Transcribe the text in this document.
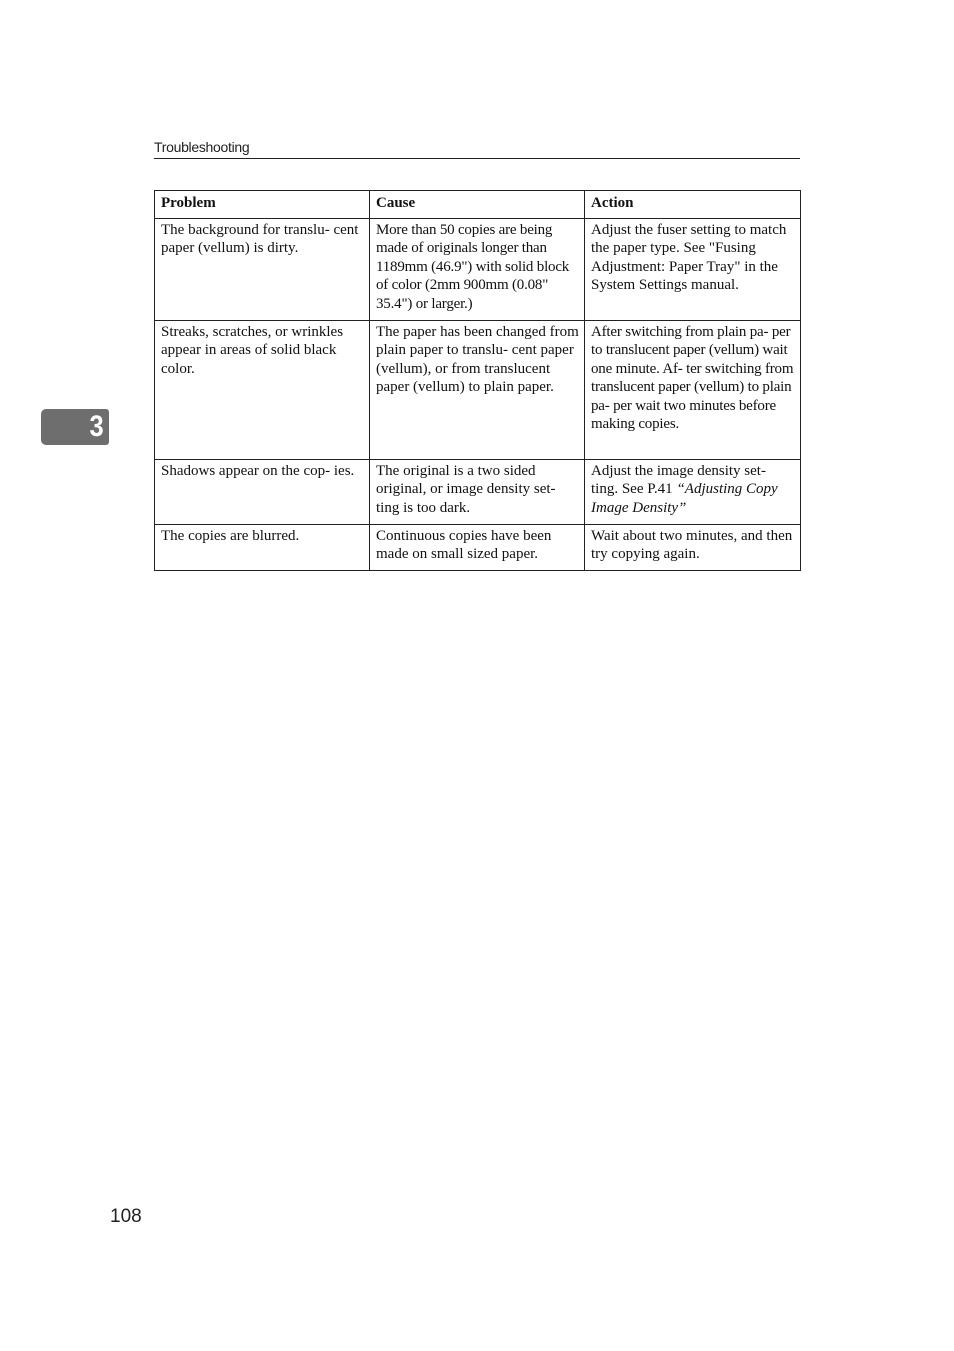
Troubleshooting
3
Problem	Cause	Action
The background for translu- cent paper (vellum) is dirty.	More than 50 copies are being made of originals longer than 1189mm (46.9") with solid block of color (2mm 900mm (0.08" 35.4") or larger.)	Adjust the fuser setting to match the paper type. See "Fusing Adjustment: Paper Tray" in the System Settings manual.
Streaks, scratches, or wrinkles appear in areas of solid black color.	The paper has been changed from plain paper to translu- cent paper (vellum), or from translucent paper (vellum) to plain paper.	After switching from plain pa- per to translucent paper (vellum) wait one minute. Af- ter switching from translucent paper (vellum) to plain pa- per wait two minutes before making copies.
Shadows appear on the cop- ies.	The original is a two sided original, or image density set- ting is too dark.	Adjust the image density set- ting. See P.41 “Adjusting Copy Image Density”
The copies are blurred.	Continuous copies have been made on small sized paper.	Wait about two minutes, and then try copying again.
108
